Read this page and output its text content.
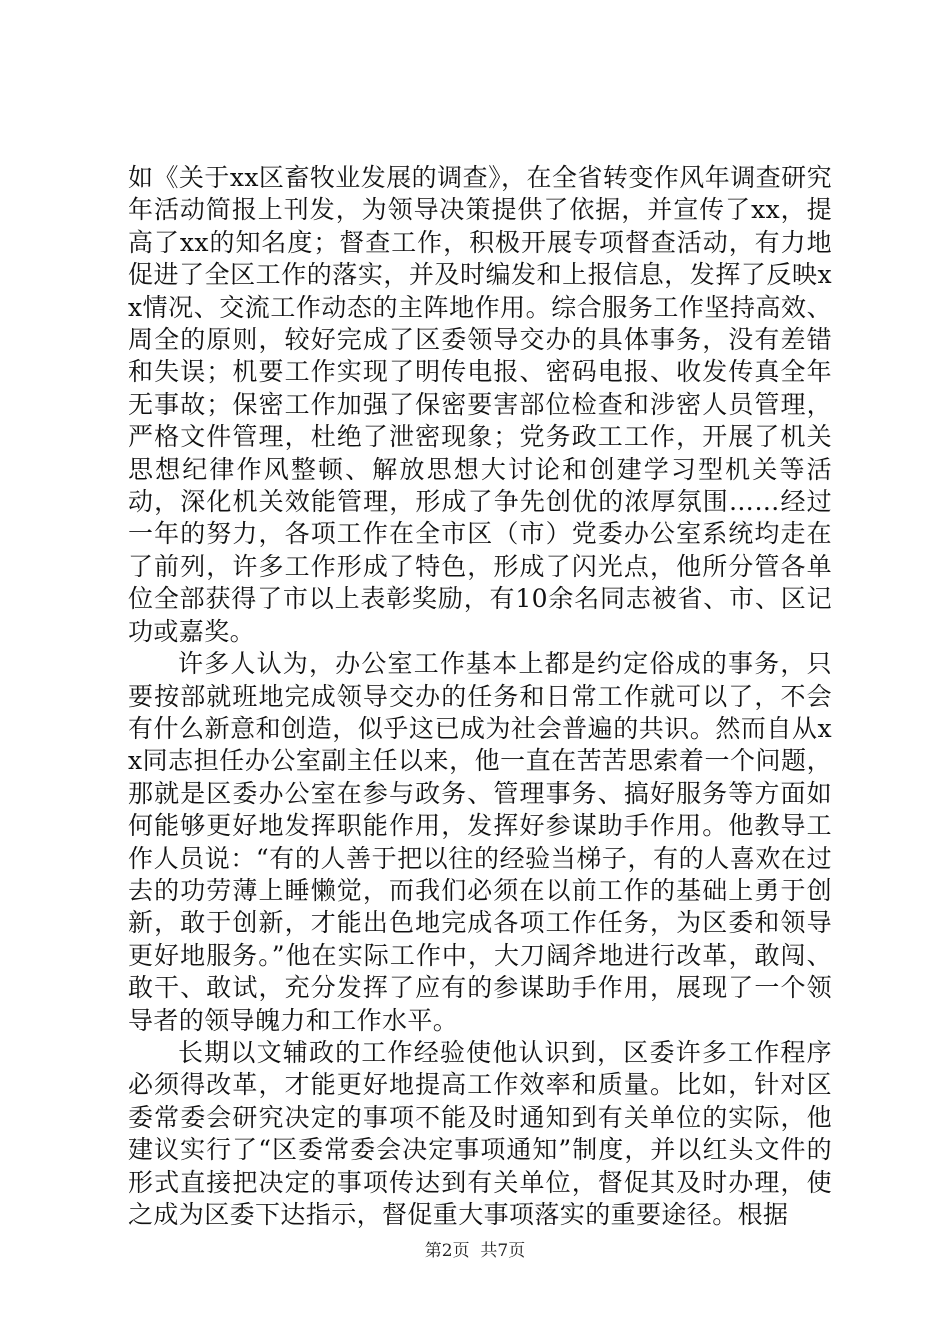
如《关于xx区畜牧业发展的调查》，在全省转变作风年调查研究年活动简报上刊发，为领导决策提供了依据，并宣传了xx，提高了xx的知名度；督查工作，积极开展专项督查活动，有力地促进了全区工作的落实，并及时编发和上报信息，发挥了反映xx情况、交流工作动态的主阵地作用。综合服务工作坚持高效、周全的原则，较好完成了区委领导交办的具体事务，没有差错和失误；机要工作实现了明传电报、密码电报、收发传真全年无事故；保密工作加强了保密要害部位检查和涉密人员管理，严格文件管理，杜绝了泄密现象；党务政工工作，开展了机关思想纪律作风整顿、解放思想大讨论和创建学习型机关等活动，深化机关效能管理，形成了争先创优的浓厚氛围……经过一年的努力，各项工作在全市区（市）党委办公室系统均走在了前列，许多工作形成了特色，形成了闪光点，他所分管各单位全部获得了市以上表彰奖励，有10余名同志被省、市、区记功或嘉奖。

许多人认为，办公室工作基本上都是约定俗成的事务，只要按部就班地完成领导交办的任务和日常工作就可以了，不会有什么新意和创造，似乎这已成为社会普遍的共识。然而自从xx同志担任办公室副主任以来，他一直在苦苦思索着一个问题，那就是区委办公室在参与政务、管理事务、搞好服务等方面如何能够更好地发挥职能作用，发挥好参谋助手作用。他教导工作人员说：“有的人善于把以往的经验当梯子，有的人喜欢在过去的功劳薄上睡懒觉，而我们必须在以前工作的基础上勇于创新，敢于创新，才能出色地完成各项工作任务，为区委和领导更好地服务。”他在实际工作中，大刀阔斧地进行改革，敢闯、敢干、敢试，充分发挥了应有的参谋助手作用，展现了一个领导者的领导魄力和工作水平。

长期以文辅政的工作经验使他认识到，区委许多工作程序必须得改革，才能更好地提高工作效率和质量。比如，针对区委常委会研究决定的事项不能及时通知到有关单位的实际，他建议实行了“区委常委会决定事项通知”制度，并以红头文件的形式直接把决定的事项传达到有关单位，督促其及时办理，使之成为区委下达指示，督促重大事项落实的重要途径。根据

第2页  共7页
